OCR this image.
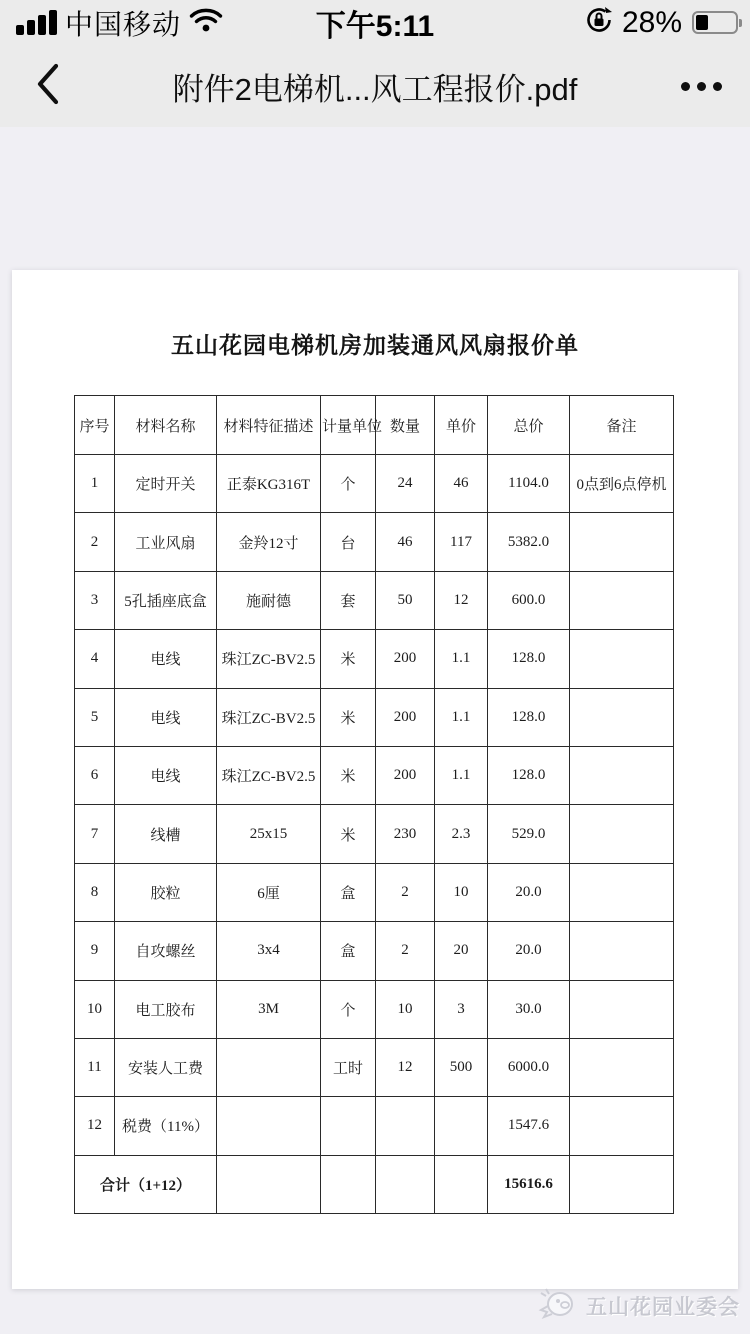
中国移动	下午5:11	28%
附件2电梯机...风工程报价.pdf
五山花园电梯机房加装通风风扇报价单
序号	材料名称	材料特征描述	计量单位	数量	单价	总价	备注
1	定时开关	正泰KG316T	个	24	46	1104.0	0点到6点停机
2	工业风扇	金羚12寸	台	46	117	5382.0	
3	5孔插座底盒	施耐德	套	50	12	600.0	
4	电线	珠江ZC-BV2.5	米	200	1.1	128.0	
5	电线	珠江ZC-BV2.5	米	200	1.1	128.0	
6	电线	珠江ZC-BV2.5	米	200	1.1	128.0	
7	线槽	25x15	米	230	2.3	529.0	
8	胶粒	6厘	盒	2	10	20.0	
9	自攻螺丝	3x4	盒	2	20	20.0	
10	电工胶布	3M	个	10	3	30.0	
11	安装人工费		工时	12	500	6000.0	
12	税费（11%）					1547.6	
合计（1+12）						15616.6	
五山花园业委会
